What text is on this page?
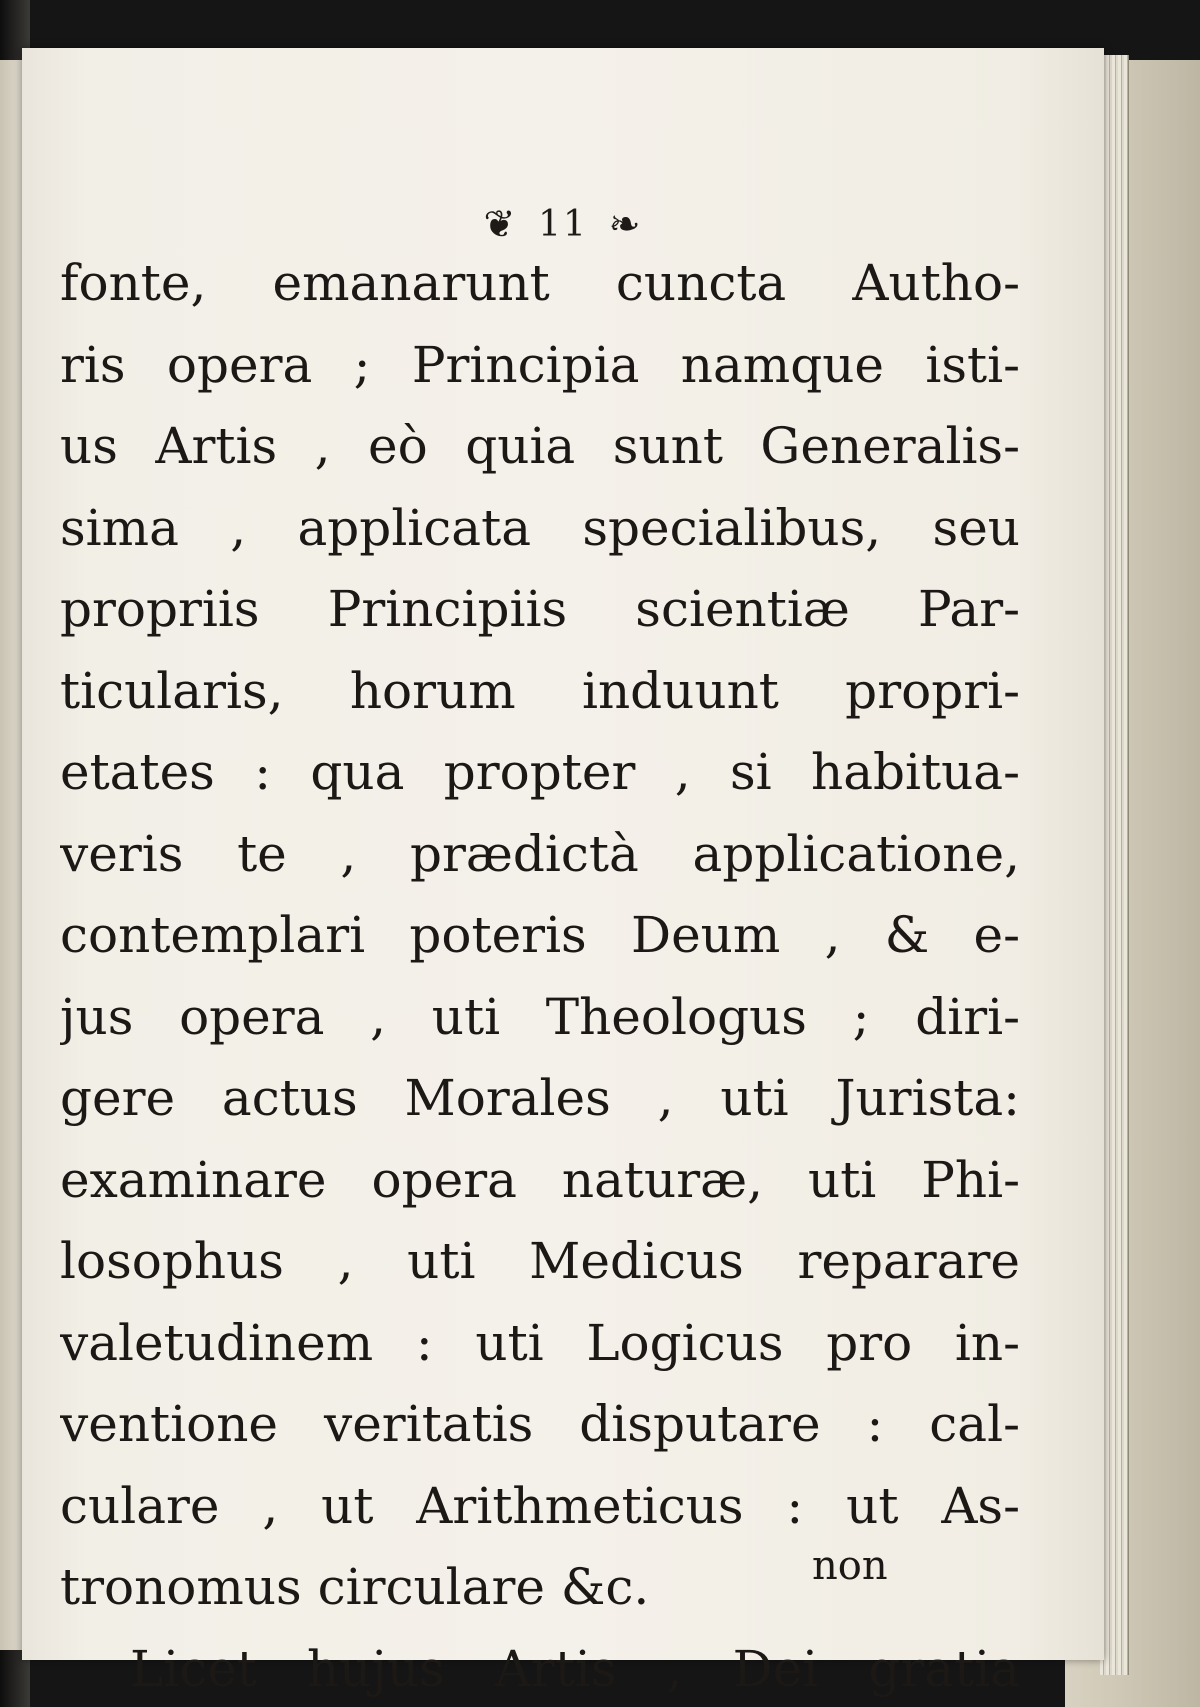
❦ 11 ❧
fonte, emanarunt cuncta Autho-
ris opera ; Principia namque isti-
us Artis , eò quia sunt Generalis-
sima , applicata specialibus, seu
propriis Principiis scientiæ Par-
ticularis, horum induunt propri-
etates : qua propter , si habitua-
veris te , prædictà applicatione,
contemplari poteris Deum , & e-
jus opera , uti Theologus ; diri-
gere actus Morales , uti Jurista:
examinare opera naturæ, uti Phi-
losophus , uti Medicus reparare
valetudinem : uti Logicus pro in-
ventione veritatis disputare : cal-
culare , ut Arithmeticus : ut As-
tronomus circulare &c.
Licet hujus Artis , Dei gratia
non
